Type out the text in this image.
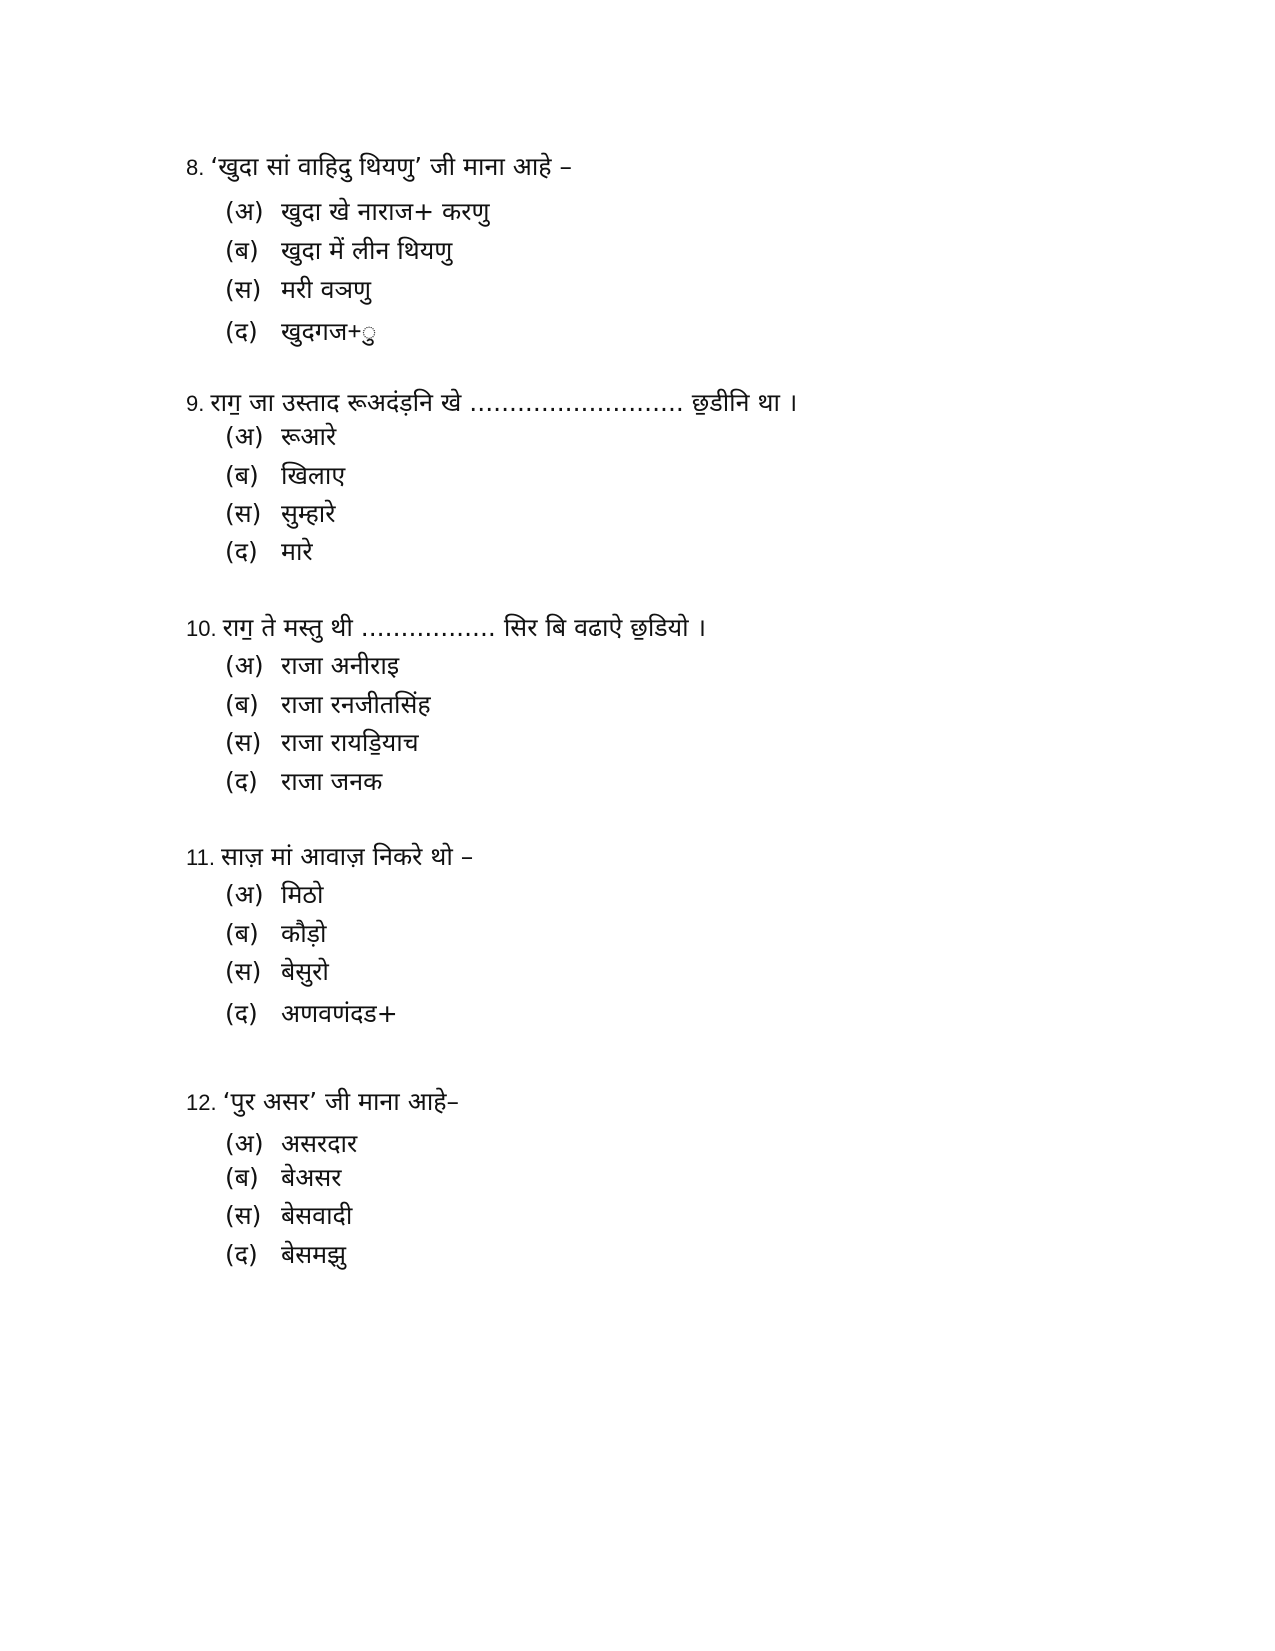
8. ‘खुदा सां वाहिदु थियणु’ जी माना आहे –
(अ) खुदा खे नाराज+ करणु
(ब) खुदा में लीन थियणु
(स) मरी वञणु
(द) खुदगज+ु
9. राग॒ जा उस्ताद रूअदंड़नि खे ........................... छ॒डीनि था ।
(अ) रूआरे
(ब) खिलाए
(स) सुम्हारे
(द) मारे
10. राग॒ ते मस्तु थी ................. सिर बि वढाऐ छ॒डियो ।
(अ) राजा अनीराइ
(ब) राजा रनजीतसिंह
(स) राजा रायडि॒याच
(द) राजा जनक
11. साज़ मां आवाज़ निकरे थो –
(अ) मिठो
(ब) कौड़ो
(स) बेसुरो
(द) अणवणंदड+
12. ‘पुर असर’ जी माना आहे–
(अ) असरदार
(ब) बेअसर
(स) बेसवादी
(द) बेसमझु
